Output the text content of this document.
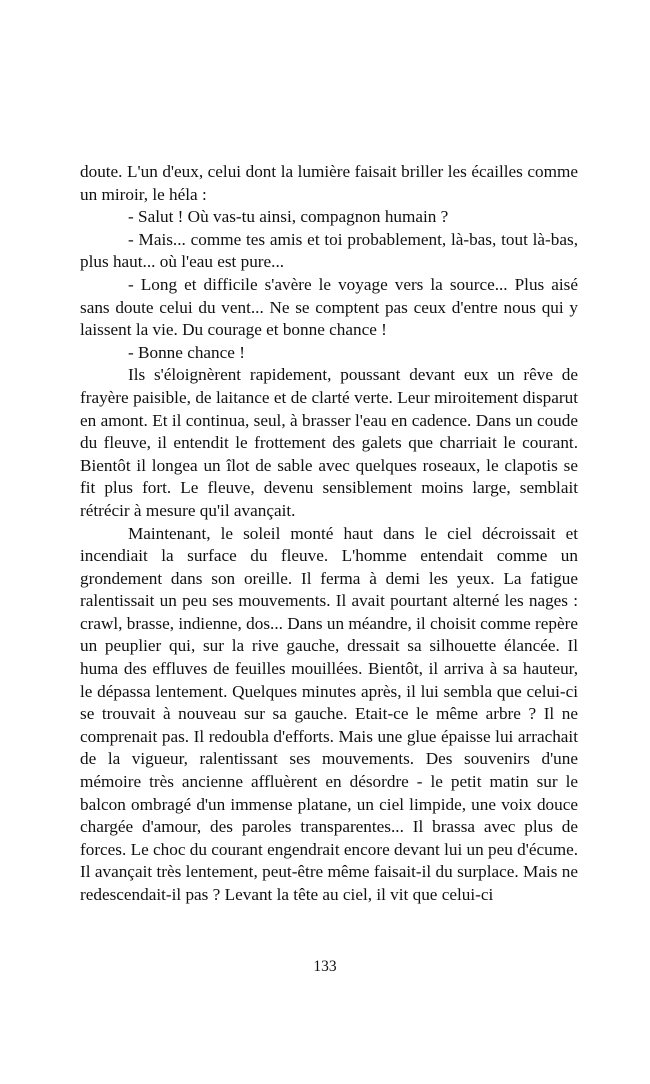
doute. L'un d'eux, celui dont la lumière faisait briller les écailles comme un miroir, le héla :

- Salut ! Où vas-tu ainsi, compagnon humain ?

- Mais... comme tes amis et toi probablement, là-bas, tout là-bas, plus haut... où l'eau est pure...

- Long et difficile s'avère le voyage vers la source... Plus aisé sans doute celui du vent... Ne se comptent pas ceux d'entre nous qui y laissent la vie. Du courage et bonne chance !

- Bonne chance !

Ils s'éloignèrent rapidement, poussant devant eux un rêve de frayère paisible, de laitance et de clarté verte. Leur miroitement disparut en amont. Et il continua, seul, à brasser l'eau en cadence. Dans un coude du fleuve, il entendit le frottement des galets que charriait le courant. Bientôt il longea un îlot de sable avec quelques roseaux, le clapotis se fit plus fort. Le fleuve, devenu sensiblement moins large, semblait rétrécir à mesure qu'il avançait.

Maintenant, le soleil monté haut dans le ciel décroissait et incendiait la surface du fleuve. L'homme entendait comme un grondement dans son oreille. Il ferma à demi les yeux. La fatigue ralentissait un peu ses mouvements. Il avait pourtant alterné les nages : crawl, brasse, indienne, dos... Dans un méandre, il choisit comme repère un peuplier qui, sur la rive gauche, dressait sa silhouette élancée. Il huma des effluves de feuilles mouillées. Bientôt, il arriva à sa hauteur, le dépassa lentement. Quelques minutes après, il lui sembla que celui-ci se trouvait à nouveau sur sa gauche. Etait-ce le même arbre ? Il ne comprenait pas. Il redoubla d'efforts. Mais une glue épaisse lui arrachait de la vigueur, ralentissant ses mouvements. Des souvenirs d'une mémoire très ancienne affluèrent en désordre - le petit matin sur le balcon ombragé d'un immense platane, un ciel limpide, une voix douce chargée d'amour, des paroles transparentes... Il brassa avec plus de forces. Le choc du courant engendrait encore devant lui un peu d'écume. Il avançait très lentement, peut-être même faisait-il du surplace. Mais ne redescendait-il pas ? Levant la tête au ciel, il vit que celui-ci

133
